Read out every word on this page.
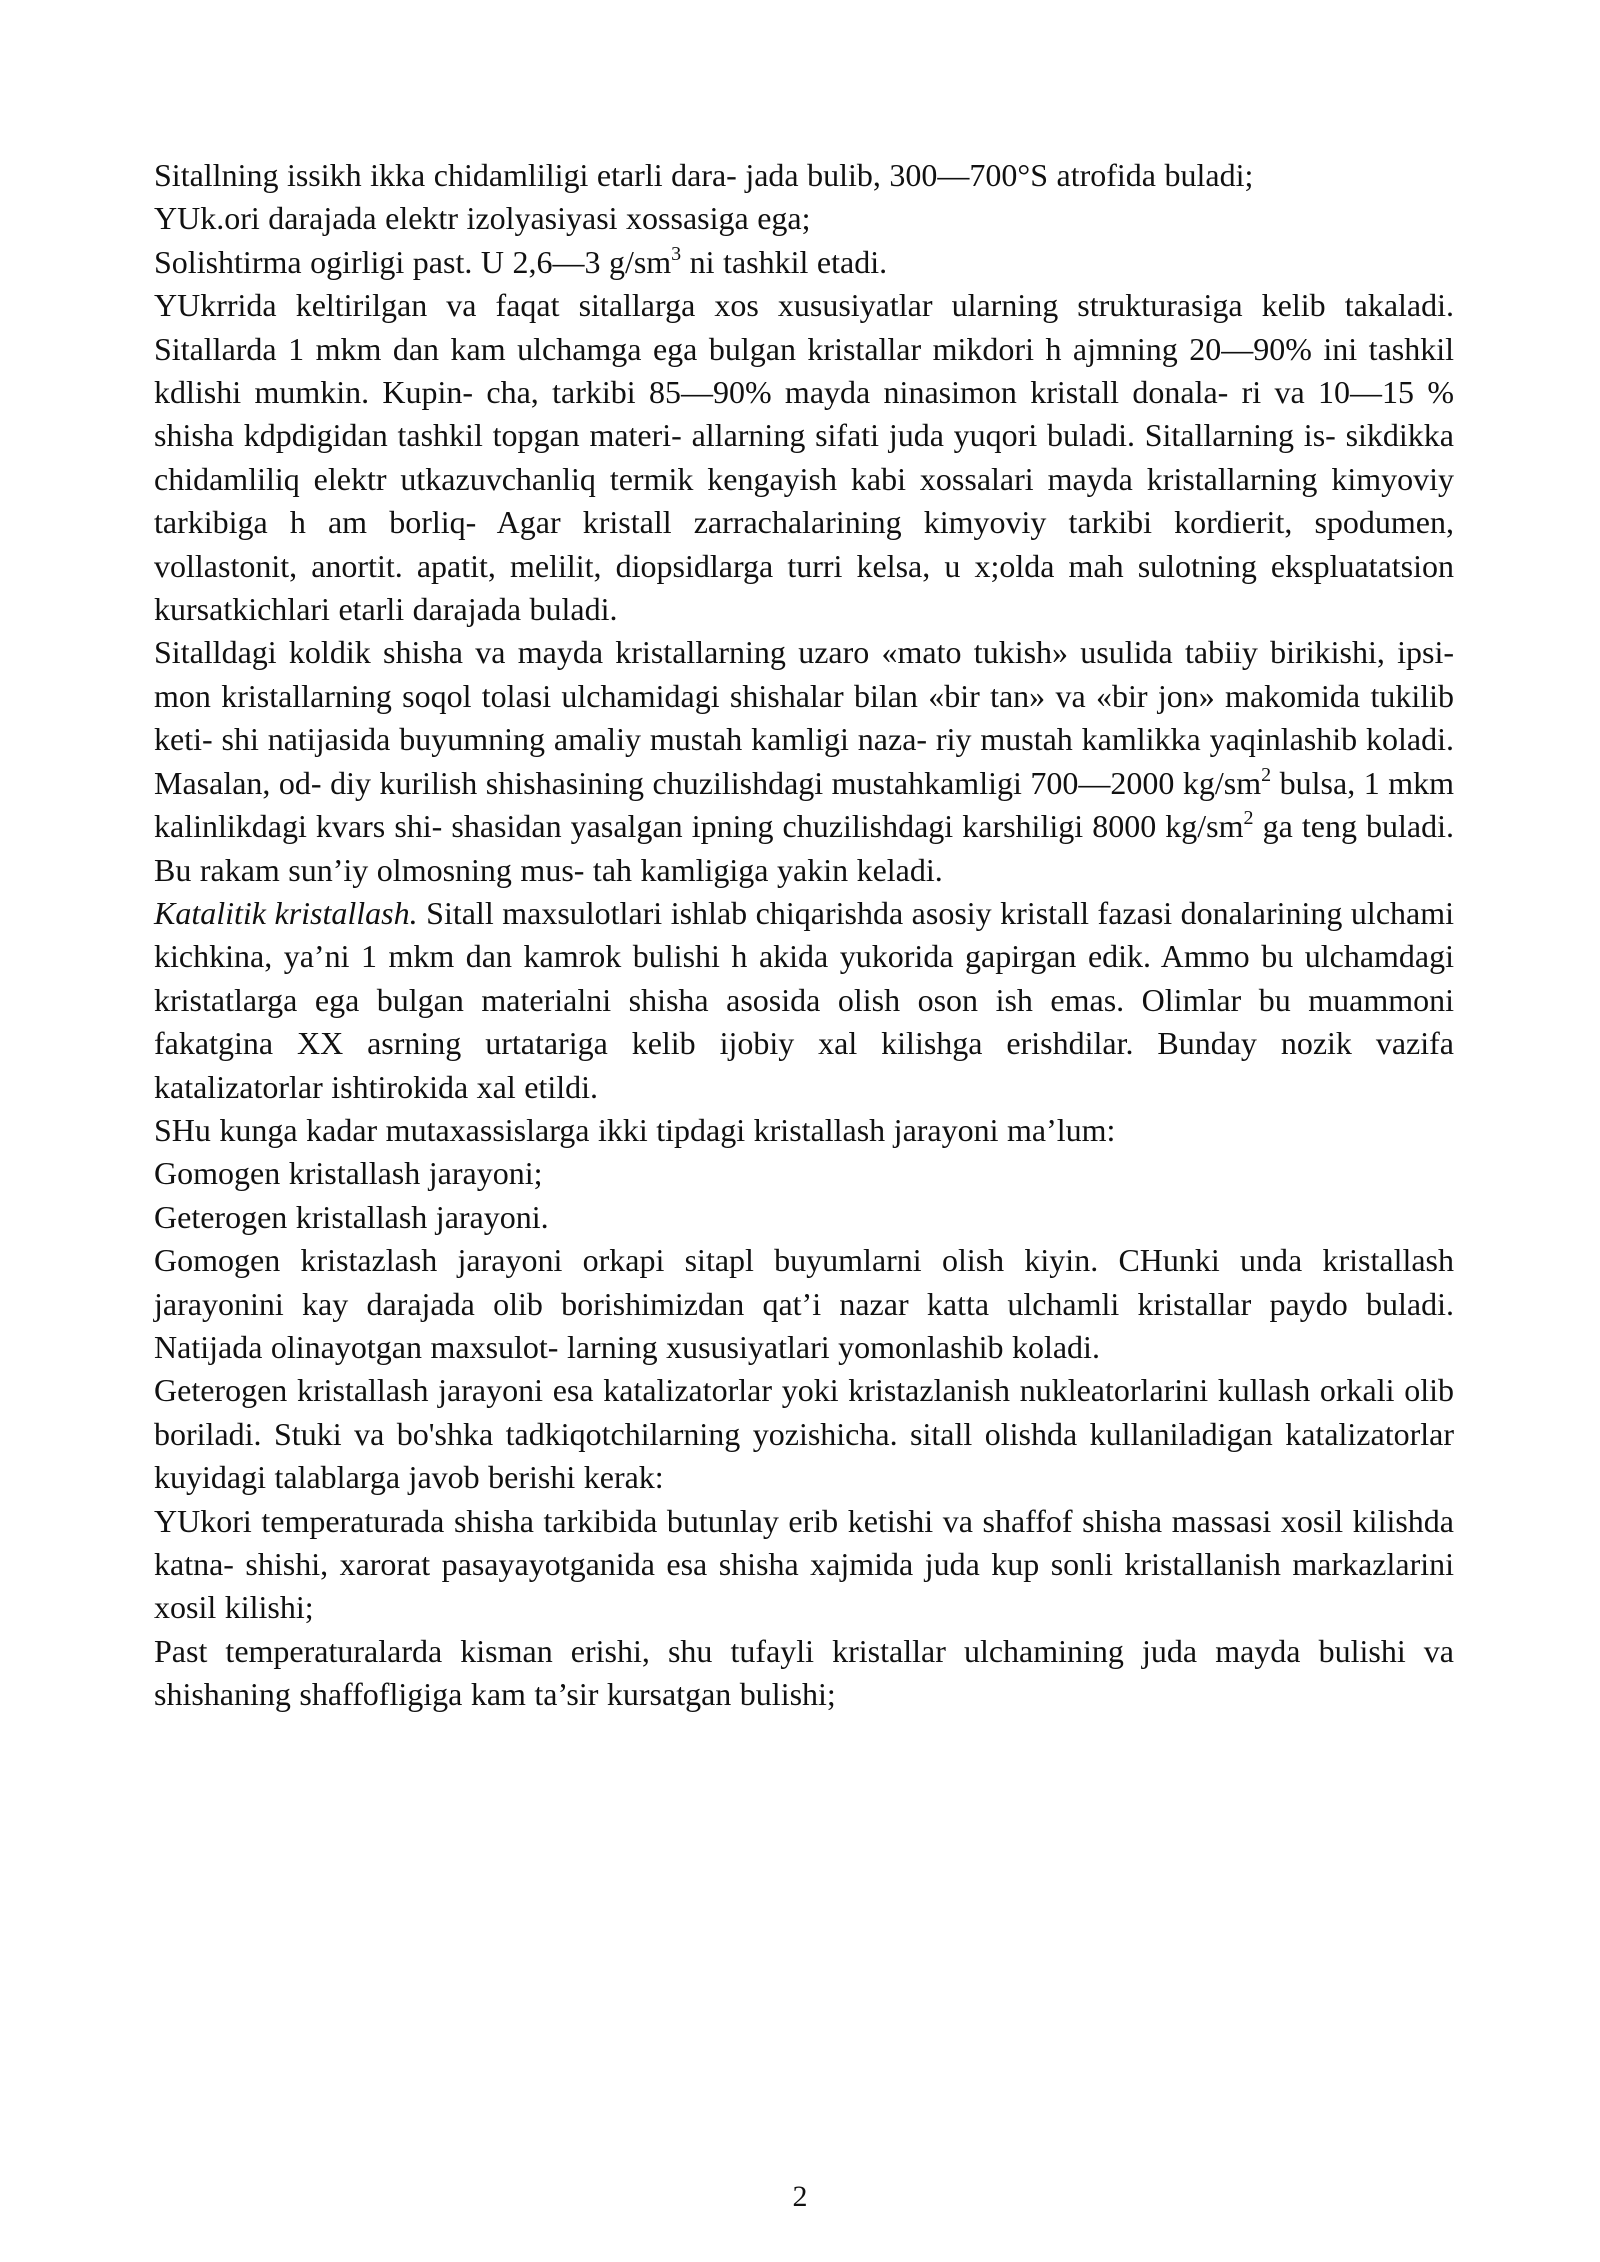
Sitallning issikh ikka chidamliligi etarli dara- jada bulib, 300—700°S atrofida buladi;

YUk.ori darajada elektr izolyasiyasi xossasiga ega;

Solishtirma ogirligi past. U 2,6—3 $g/sm^3$ ni tashkil etadi.

YUkrrida keltirilgan va faqat sitallarga xos xususiyatlar ularning strukturasiga kelib takaladi. Sitallarda 1 mkm dan kam ulchamga ega bulgan kristallar mikdori h ajmning 20—90% ini tashkil kdlishi mumkin. Kupin- cha, tarkibi 85—90% mayda ninasimon kristall donala- ri va 10—15 % shisha kdpdigidan tashkil topgan materi- allarning sifati juda yuqori buladi. Sitallarning is- sikdikka chidamliliq elektr utkazuvchanliq termik kengayish kabi xossalari mayda kristallarning kimyoviy tarkibiga h am borliq- Agar kristall zarrachalarining kimyoviy tarkibi kordierit, spodumen, vollastonit, anortit. apatit, melilit, diopsidlarga turri kelsa, u x;olda mah sulotning ekspluatatsion kursatkichlari etarli darajada buladi.

Sitalldagi koldik shisha va mayda kristallarning uzaro «mato tukish» usulida tabiiy birikishi, ipsi- mon kristallarning soqol tolasi ulchamidagi shishalar bilan «bir tan» va «bir jon» makomida tukilib keti- shi natijasida buyumning amaliy mustah kamligi naza- riy mustah kamlikka yaqinlashib koladi. Masalan, od- diy kurilish shishasining chuzilishdagi mustahkamligi 700—2000 $kg/sm^2$ bulsa, 1 mkm kalinlikdagi kvars shi- shasidan yasalgan ipning chuzilishdagi karshiligi 8000 $kg/sm^2$ ga teng buladi. Bu rakam sun’iy olmosning mus- tah kamligiga yakin keladi.

Katalitik kristallash. Sitall maxsulotlari ishlab chiqarishda asosiy kristall fazasi donalarining ulchami kichkina, ya’ni 1 mkm dan kamrok bulishi h akida yukorida gapirgan edik. Ammo bu ulchamdagi kristatlarga ega bulgan materialni shisha asosida olish oson ish emas. Olimlar bu muammoni fakatgina XX asrning urtatariga kelib ijobiy xal kilishga erishdilar. Bunday nozik vazifa katalizatorlar ishtirokida xal etildi.

SHu kunga kadar mutaxassislarga ikki tipdagi kristallash jarayoni ma’lum:

Gomogen kristallash jarayoni;

Geterogen kristallash jarayoni.

Gomogen kristazlash jarayoni orkapi sitapl buyumlarni olish kiyin. CHunki unda kristallash jarayonini kay darajada olib borishimizdan qat’i nazar katta ulchamli kristallar paydo buladi. Natijada olinayotgan maxsulot- larning xususiyatlari yomonlashib koladi.

Geterogen kristallash jarayoni esa katalizatorlar yoki kristazlanish nukleatorlarini kullash orkali olib boriladi. Stuki va bo'shka tadkiqotchilarning yozishicha. sitall olishda kullaniladigan katalizatorlar kuyidagi talablarga javob berishi kerak:

YUkori temperaturada shisha tarkibida butunlay erib ketishi va shaffof shisha massasi xosil kilishda katna- shishi, xarorat pasayayotganida esa shisha xajmida juda kup sonli kristallanish markazlarini xosil kilishi;

Past temperaturalarda kisman erishi, shu tufayli kristallar ulchamining juda mayda bulishi va shishaning shaffofligiga kam ta’sir kursatgan bulishi;

2
